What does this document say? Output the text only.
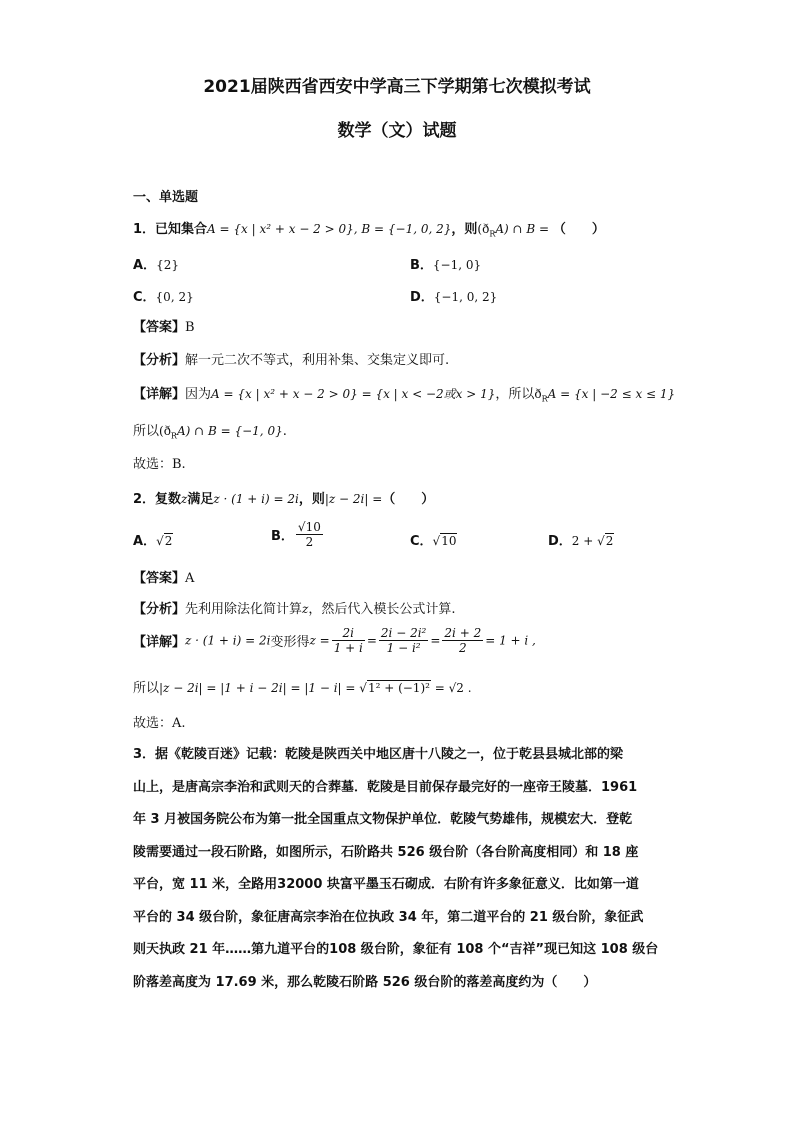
2021届陕西省西安中学高三下学期第七次模拟考试
数学（文）试题
一、单选题
1．已知集合A = {x | x² + x − 2 > 0}, B = {−1, 0, 2}，则$(ð_RA)$ ∩ B = （　　）
A．{2}	B．{−1, 0}
C．{0, 2}	D．{−1, 0, 2}
【答案】B
【分析】解一元二次不等式，利用补集、交集定义即可.
【详解】因为A = {x | x² + x − 2 > 0} = {x | x < −2或x > 1}，所以$ð_RA = \{x$ | −2 ≤ x ≤ 1}
所以$(ð_RA)$ ∩ B = {−1, 0}.
故选：B.
2．复数z满足z · (1 + i) = 2i，则|z − 2i| =（　　）
A．√2	B． $\frac{√10}{2}$	C．√10	D．2 + √2
【答案】A
【分析】先利用除法化简计算z，然后代入模长公式计算.
【详解】z · (1 + i) = 2i变形得$z = \frac{2i}{1 + i} = \frac{\text{2i − 2i²}}{\text{1 − i²}} = \frac{2i + 2}{2} = 1 + i$ ,
所以|z − 2i| = |1 + i − 2i| = |1 − i| = √1² + (−1)² = √2 .
故选：A.
3．据《乾陵百迷》记载：乾陵是陕西关中地区唐十八陵之一，位于乾县县城北部的梁
山上，是唐高宗李治和武则天的合葬墓．乾陵是目前保存最完好的一座帝王陵墓．1961
年 3 月被国务院公布为第一批全国重点文物保护单位．乾陵气势雄伟，规模宏大．登乾
陵需要通过一段石阶路，如图所示，石阶路共 526 级台阶（各台阶高度相同）和 18 座
平台，宽 11 米，全路用32000 块富平墨玉石砌成．右阶有许多象征意义．比如第一道
平台的 34 级台阶，象征唐高宗李治在位执政 34 年，第二道平台的 21 级台阶，象征武
则天执政 21 年……第九道平台的108 级台阶，象征有 108 个“吉祥”现已知这 108 级台
阶落差高度为 17.69 米，那么乾陵石阶路 526 级台阶的落差高度约为（　　）
